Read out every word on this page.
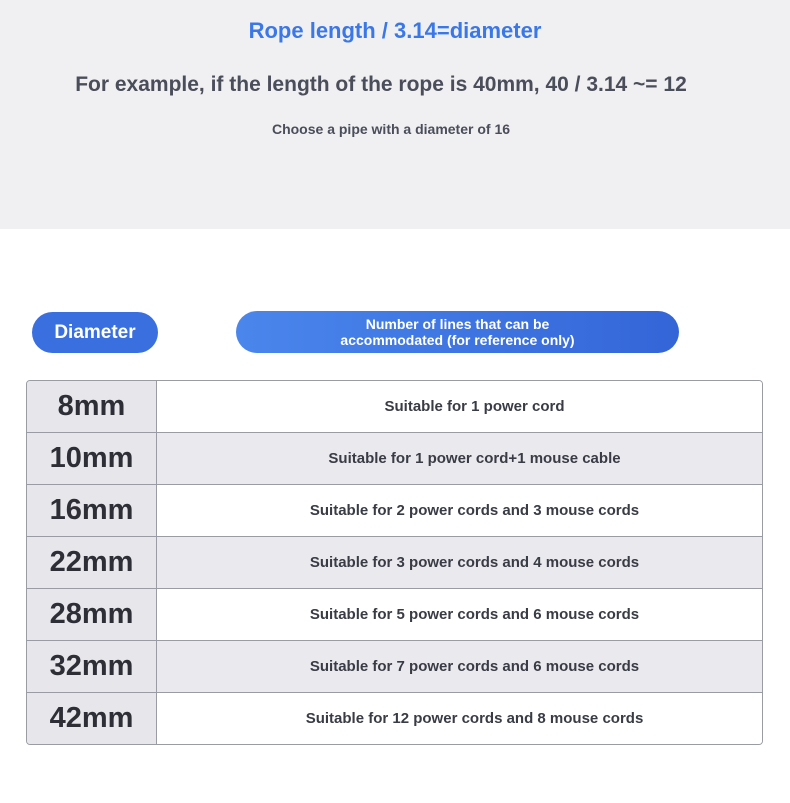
Rope length / 3.14=diameter
For example, if the length of the rope is 40mm, 40 / 3.14 ~= 12
Choose a pipe with a diameter of 16
Diameter	Number of lines that can be accommodated (for reference only)
8mm	Suitable for 1 power cord
10mm	Suitable for 1 power cord+1 mouse cable
16mm	Suitable for 2 power cords and 3 mouse cords
22mm	Suitable for 3 power cords and 4 mouse cords
28mm	Suitable for 5 power cords and 6 mouse cords
32mm	Suitable for 7 power cords and 6 mouse cords
42mm	Suitable for 12 power cords and 8 mouse cords
